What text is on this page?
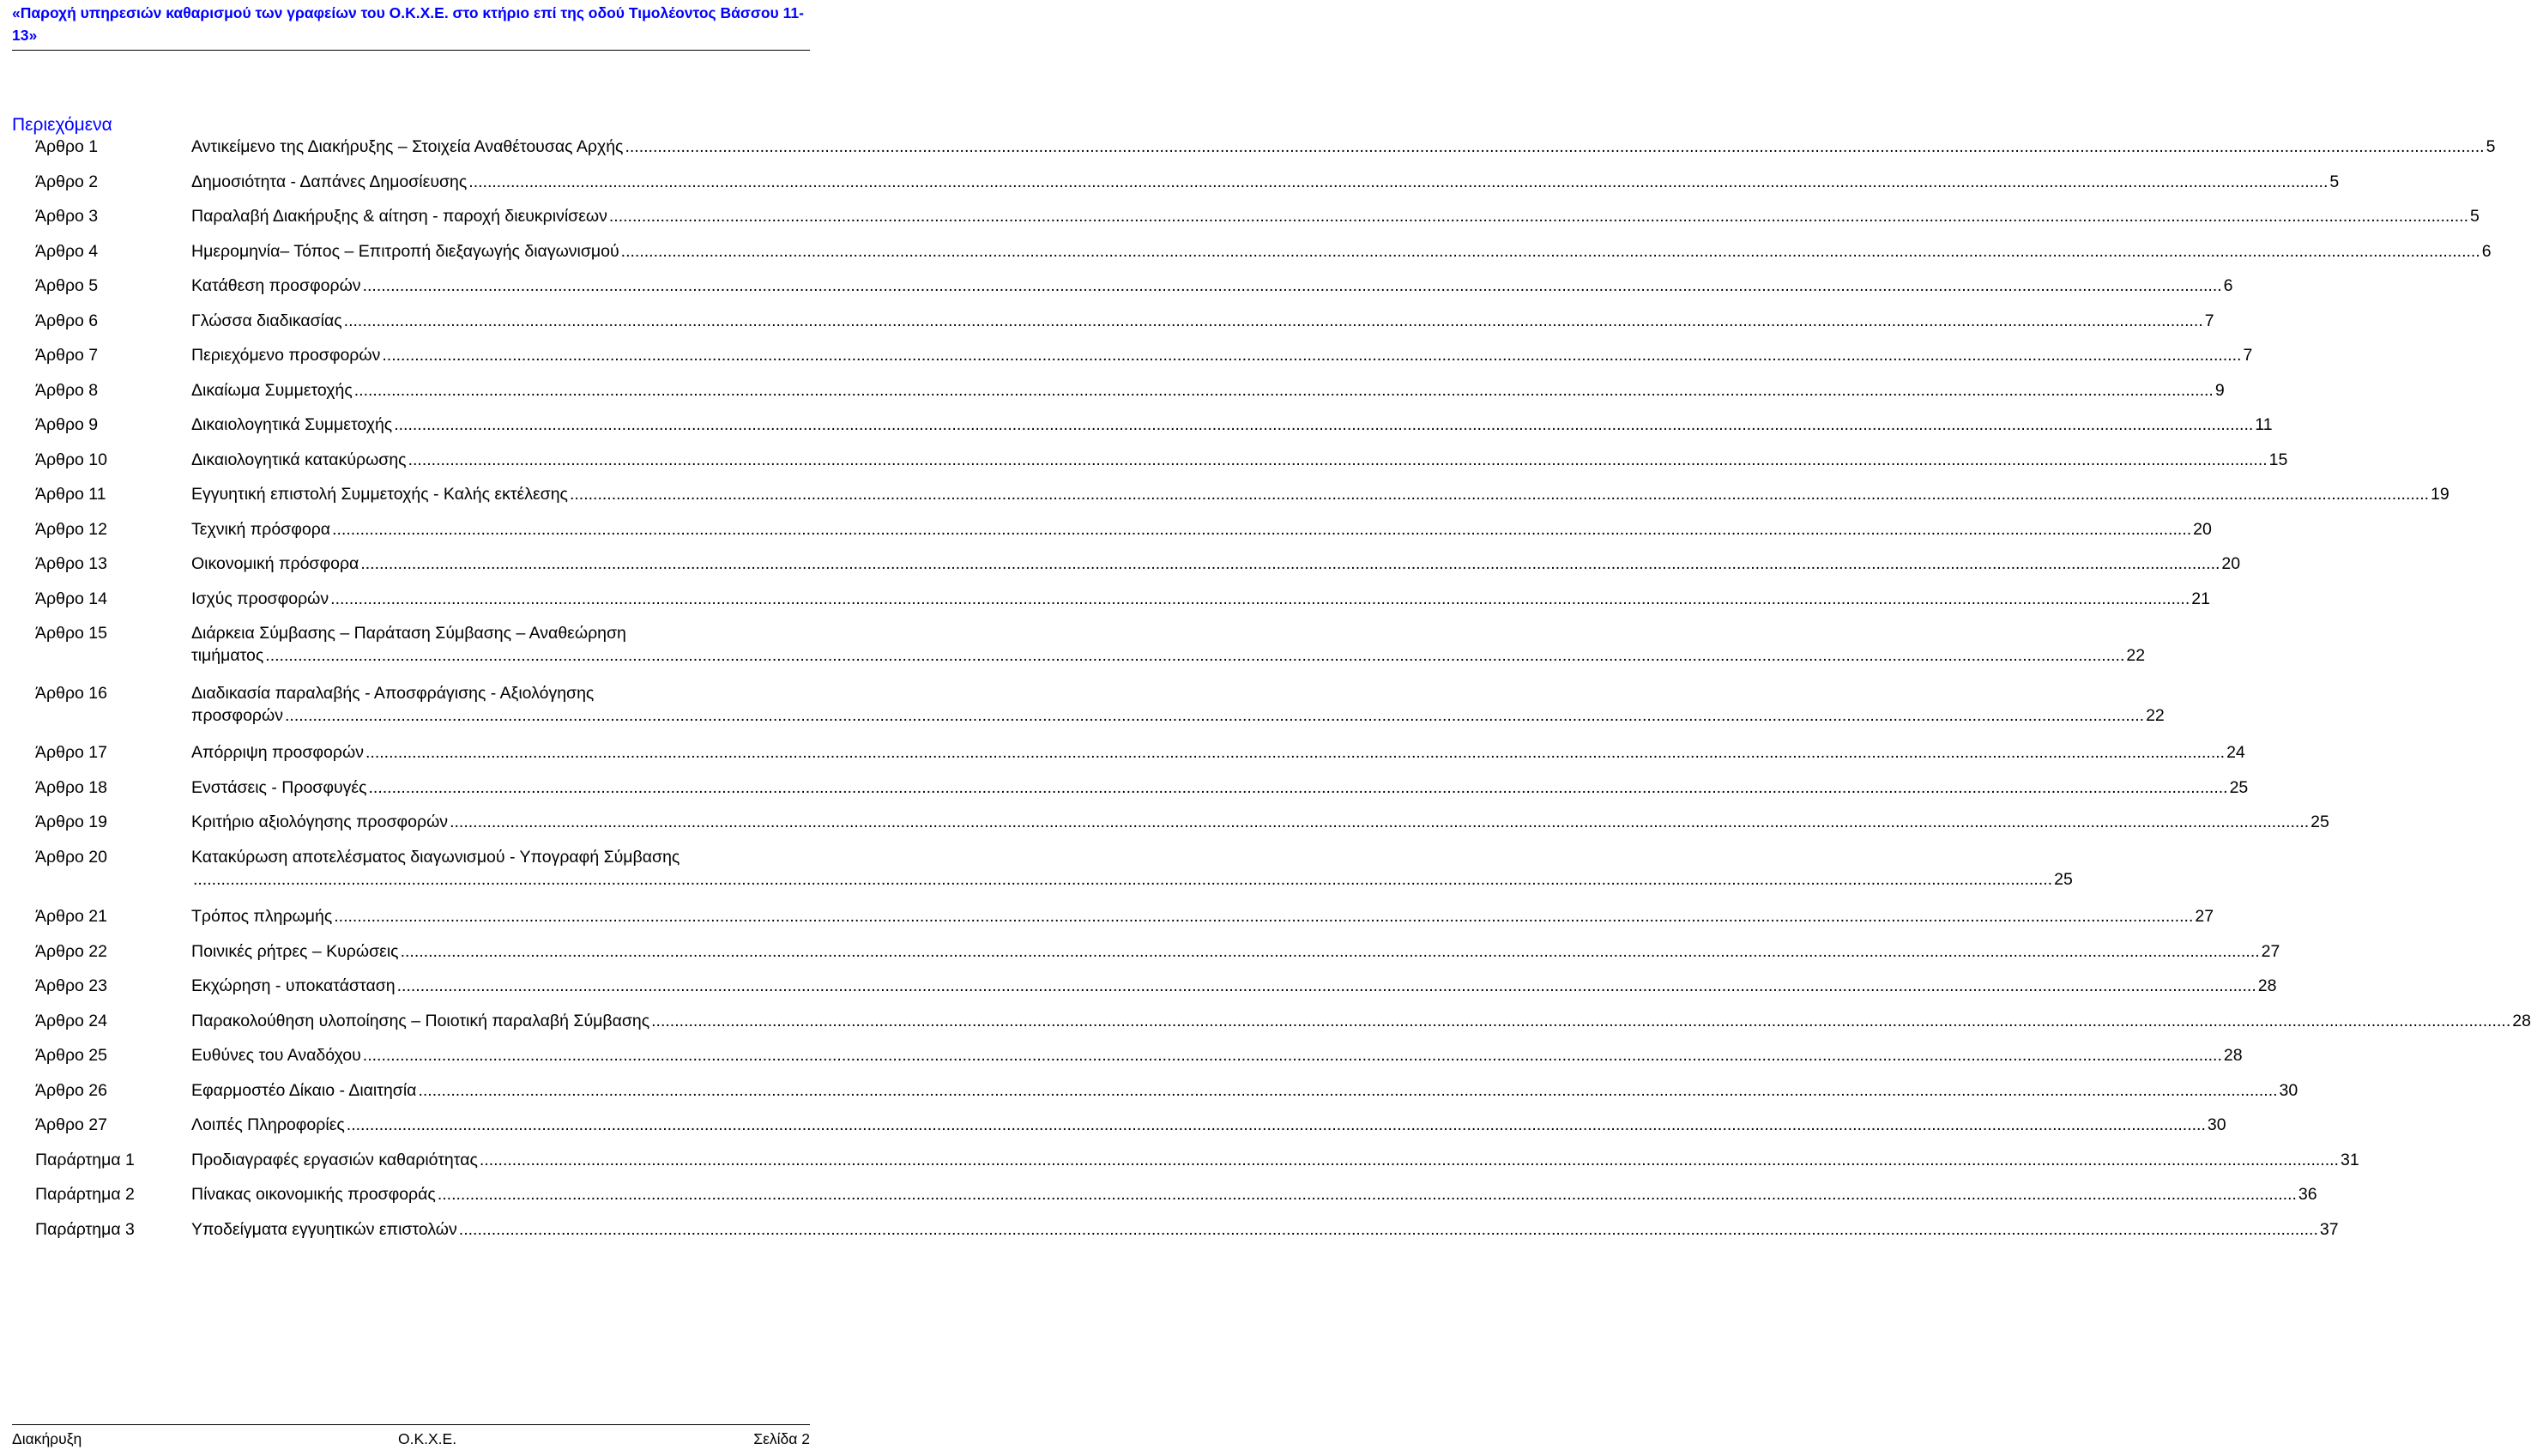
«Παροχή υπηρεσιών καθαρισμού των γραφείων του Ο.Κ.Χ.Ε. στο κτήριο επί της οδού Τιμολέοντος Βάσσου 11-13»
Περιεχόμενα
Άρθρο 1	Αντικείμενο της Διακήρυξης – Στοιχεία Αναθέτουσας Αρχής ................................................................................................................................................................................................................................................................................................................................................................................................................ 5
Άρθρο 2	Δημοσιότητα - Δαπάνες Δημοσίευσης ................................................................................................................................................................................................................................................................................................................................................................................................................ 5
Άρθρο 3	Παραλαβή Διακήρυξης & αίτηση - παροχή διευκρινίσεων ................................................................................................................................................................................................................................................................................................................................................................................................................ 5
Άρθρο 4	Ημερομηνία– Τόπος – Επιτροπή διεξαγωγής διαγωνισμού ................................................................................................................................................................................................................................................................................................................................................................................................................ 6
Άρθρο 5	Κατάθεση προσφορών ................................................................................................................................................................................................................................................................................................................................................................................................................ 6
Άρθρο 6	Γλώσσα διαδικασίας ................................................................................................................................................................................................................................................................................................................................................................................................................ 7
Άρθρο 7	Περιεχόμενο προσφορών ................................................................................................................................................................................................................................................................................................................................................................................................................ 7
Άρθρο 8	Δικαίωμα Συμμετοχής ................................................................................................................................................................................................................................................................................................................................................................................................................ 9
Άρθρο 9	Δικαιολογητικά Συμμετοχής ................................................................................................................................................................................................................................................................................................................................................................................................................ 11
Άρθρο 10	Δικαιολογητικά κατακύρωσης ................................................................................................................................................................................................................................................................................................................................................................................................................ 15
Άρθρο 11	Εγγυητική επιστολή Συμμετοχής - Καλής εκτέλεσης ................................................................................................................................................................................................................................................................................................................................................................................................................ 19
Άρθρο 12	Τεχνική πρόσφορα ................................................................................................................................................................................................................................................................................................................................................................................................................ 20
Άρθρο 13	Οικονομική πρόσφορα ................................................................................................................................................................................................................................................................................................................................................................................................................ 20
Άρθρο 14	Ισχύς προσφορών ................................................................................................................................................................................................................................................................................................................................................................................................................ 21
Άρθρο 15	Διάρκεια Σύμβασης – Παράταση Σύμβασης – Αναθεώρηση
τιμήματος ................................................................................................................................................................................................................................................................................................................................................................................................................ 22
Άρθρο 16	Διαδικασία παραλαβής - Αποσφράγισης - Αξιολόγησης
προσφορών ................................................................................................................................................................................................................................................................................................................................................................................................................ 22
Άρθρο 17	Απόρριψη προσφορών ................................................................................................................................................................................................................................................................................................................................................................................................................ 24
Άρθρο 18	Ενστάσεις - Προσφυγές ................................................................................................................................................................................................................................................................................................................................................................................................................ 25
Άρθρο 19	Κριτήριο αξιολόγησης προσφορών ................................................................................................................................................................................................................................................................................................................................................................................................................ 25
Άρθρο 20	Κατακύρωση αποτελέσματος διαγωνισμού - Υπογραφή Σύμβασης
................................................................................................................................................................................................................................................................................................................................................................................................................ 25
Άρθρο 21	Τρόπος πληρωμής ................................................................................................................................................................................................................................................................................................................................................................................................................ 27
Άρθρο 22	Ποινικές ρήτρες – Κυρώσεις ................................................................................................................................................................................................................................................................................................................................................................................................................ 27
Άρθρο 23	Εκχώρηση - υποκατάσταση ................................................................................................................................................................................................................................................................................................................................................................................................................ 28
Άρθρο 24	Παρακολούθηση υλοποίησης – Ποιοτική παραλαβή Σύμβασης ................................................................................................................................................................................................................................................................................................................................................................................................................ 28
Άρθρο 25	Ευθύνες του Αναδόχου ................................................................................................................................................................................................................................................................................................................................................................................................................ 28
Άρθρο 26	Εφαρμοστέο Δίκαιο - Διαιτησία ................................................................................................................................................................................................................................................................................................................................................................................................................ 30
Άρθρο 27	Λοιπές Πληροφορίες ................................................................................................................................................................................................................................................................................................................................................................................................................ 30
Παράρτημα 1	Προδιαγραφές εργασιών καθαριότητας ................................................................................................................................................................................................................................................................................................................................................................................................................ 31
Παράρτημα 2	Πίνακας οικονομικής προσφοράς ................................................................................................................................................................................................................................................................................................................................................................................................................ 36
Παράρτημα 3	Υποδείγματα εγγυητικών επιστολών ................................................................................................................................................................................................................................................................................................................................................................................................................ 37
Διακήρυξη	Ο.Κ.Χ.Ε.	Σελίδα 2
